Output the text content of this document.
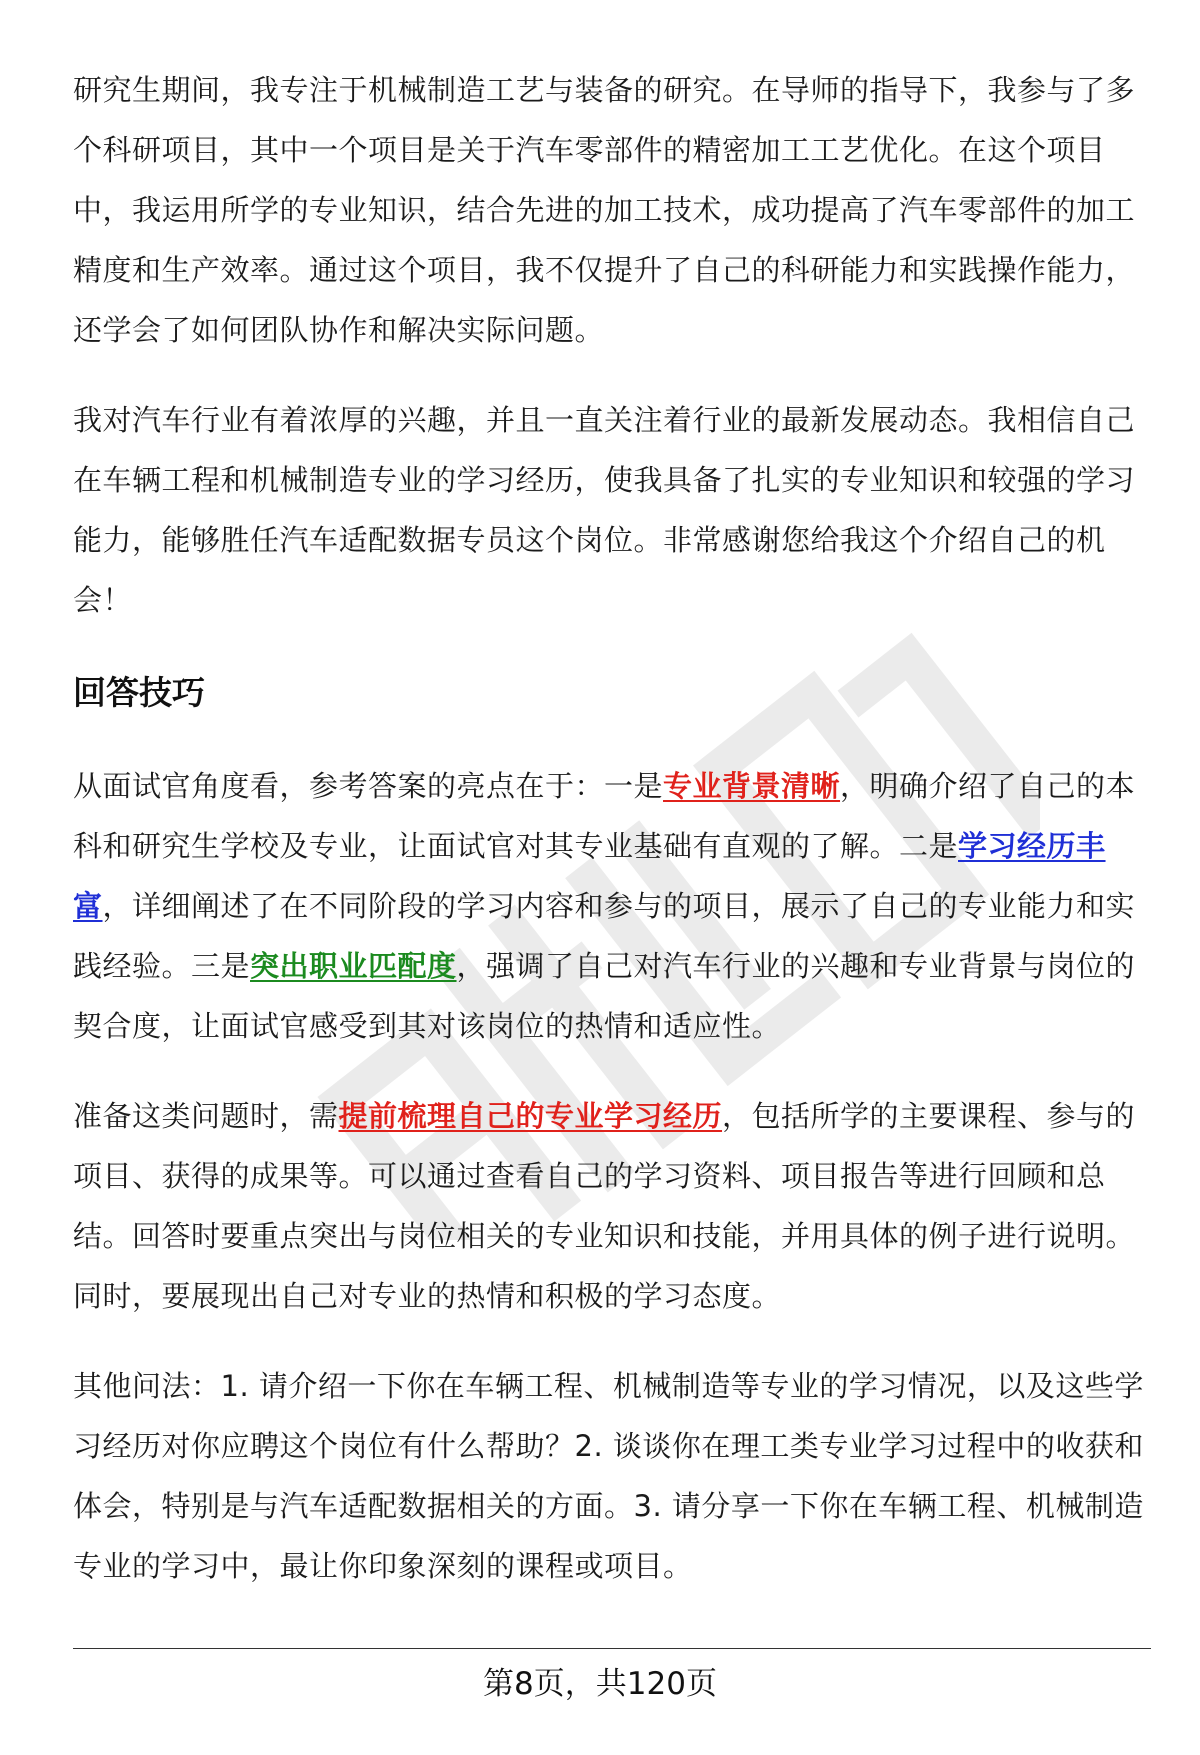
研究生期间，我专注于机械制造工艺与装备的研究。在导师的指导下，我参与了多个科研项目，其中一个项目是关于汽车零部件的精密加工工艺优化。在这个项目中，我运用所学的专业知识，结合先进的加工技术，成功提高了汽车零部件的加工精度和生产效率。通过这个项目，我不仅提升了自己的科研能力和实践操作能力，还学会了如何团队协作和解决实际问题。

我对汽车行业有着浓厚的兴趣，并且一直关注着行业的最新发展动态。我相信自己在车辆工程和机械制造专业的学习经历，使我具备了扎实的专业知识和较强的学习能力，能够胜任汽车适配数据专员这个岗位。非常感谢您给我这个介绍自己的机会！

回答技巧

从面试官角度看，参考答案的亮点在于：一是专业背景清晰，明确介绍了自己的本科和研究生学校及专业，让面试官对其专业基础有直观的了解。二是学习经历丰富，详细阐述了在不同阶段的学习内容和参与的项目，展示了自己的专业能力和实践经验。三是突出职业匹配度，强调了自己对汽车行业的兴趣和专业背景与岗位的契合度，让面试官感受到其对该岗位的热情和适应性。

准备这类问题时，需提前梳理自己的专业学习经历，包括所学的主要课程、参与的项目、获得的成果等。可以通过查看自己的学习资料、项目报告等进行回顾和总结。回答时要重点突出与岗位相关的专业知识和技能，并用具体的例子进行说明。同时，要展现出自己对专业的热情和积极的学习态度。

其他问法：1. 请介绍一下你在车辆工程、机械制造等专业的学习情况，以及这些学习经历对你应聘这个岗位有什么帮助？2. 谈谈你在理工类专业学习过程中的收获和体会，特别是与汽车适配数据相关的方面。3. 请分享一下你在车辆工程、机械制造专业的学习中，最让你印象深刻的课程或项目。

第8页，共120页
